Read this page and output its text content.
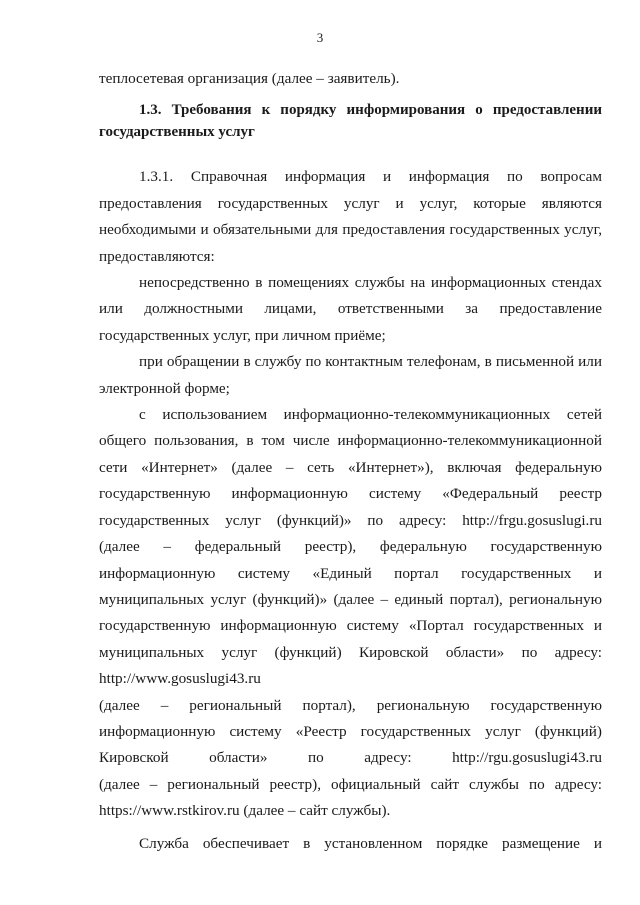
3
теплосетевая организация (далее – заявитель).
1.3. Требования к порядку информирования о предоставлении
государственных услуг
1.3.1. Справочная информация и информация по вопросам
предоставления государственных услуг и услуг, которые являются
необходимыми и обязательными для предоставления государственных услуг,
предоставляются:
непосредственно в помещениях службы на информационных стендах
или должностными лицами, ответственными за предоставление
государственных услуг, при личном приёме;
при обращении в службу по контактным телефонам, в письменной или
электронной форме;
с использованием информационно-телекоммуникационных сетей
общего пользования, в том числе информационно-телекоммуникационной
сети «Интернет» (далее – сеть «Интернет»), включая федеральную
государственную информационную систему «Федеральный реестр
государственных услуг (функций)» по адресу: http://frgu.gosuslugi.ru
(далее – федеральный реестр), федеральную государственную
информационную систему «Единый портал государственных и
муниципальных услуг (функций)» (далее – единый портал), региональную
государственную информационную систему «Портал государственных и
муниципальных услуг (функций) Кировской области» по адресу:
http://www.gosuslugi43.ru
(далее – региональный портал), региональную государственную
информационную систему «Реестр государственных услуг (функций)
Кировской области» по адресу: http://rgu.gosuslugi43.ru
(далее – региональный реестр), официальный сайт службы по адресу:
https://www.rstkirov.ru (далее – сайт службы).
Служба обеспечивает в установленном порядке размещение и
